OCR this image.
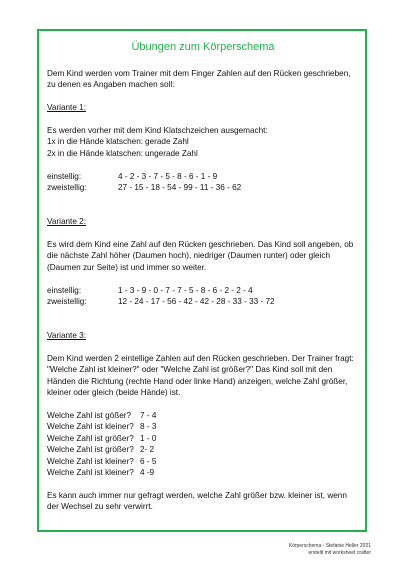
Übungen zum Körperschema

Dem Kind werden vom Trainer mit dem Finger Zahlen auf den Rücken geschrieben, zu denen es Angaben machen soll:

Variante 1:

Es werden vorher mit dem Kind Klatschzeichen ausgemacht:

1x in die Hände klatschen: gerade Zahl
2x in die Hände klatschen: ungerade Zahl
einstellig:	4 - 2 - 3 - 7 - 5 - 8 - 6 - 1 - 9
zweistellig:	27 - 15 - 18 - 54 - 99 - 11 - 36 - 62

Variante 2:

Es wird dem Kind eine Zahl auf den Rücken geschrieben. Das Kind soll angeben, ob die nächste Zahl höher (Daumen hoch), niedriger (Daumen runter) oder gleich (Daumen zur Seite) ist und immer so weiter.

einstellig:	1 - 3 - 9 - 0 - 7 - 7 - 5 - 8 - 6 - 2 - 2 - 4
zweistellig:	12 - 24 - 17 - 56 - 42 - 42 - 28 - 33 - 33 - 72

Variante 3:

Dem Kind werden 2 eintellige Zahlen auf den Rücken geschrieben. Der Trainer fragt: "Welche Zahl ist kleiner?" oder "Welche Zahl ist größer?" Das Kind soll mit den Händen die Richtung (rechte Hand oder linke Hand) anzeigen, welche Zahl größer, kleiner oder gleich (beide Hände) ist.

Welche Zahl ist gößer?	7 - 4
Welche Zahl ist kleiner? 8 - 3
Welche Zahl ist größer? 1 - 0
Welche Zahl ist größer? 2- 2
Welche Zahl ist kleiner? 6 - 5
Welche Zahl ist kleiner? 4 -9

Es kann auch immer nur gefragt werden, welche Zahl größer bzw. kleiner ist, wenn der Wechsel zu sehr verwirrt.

Körperschema - Stefanie Heller 2021
erstellt mit worksheet crafter
